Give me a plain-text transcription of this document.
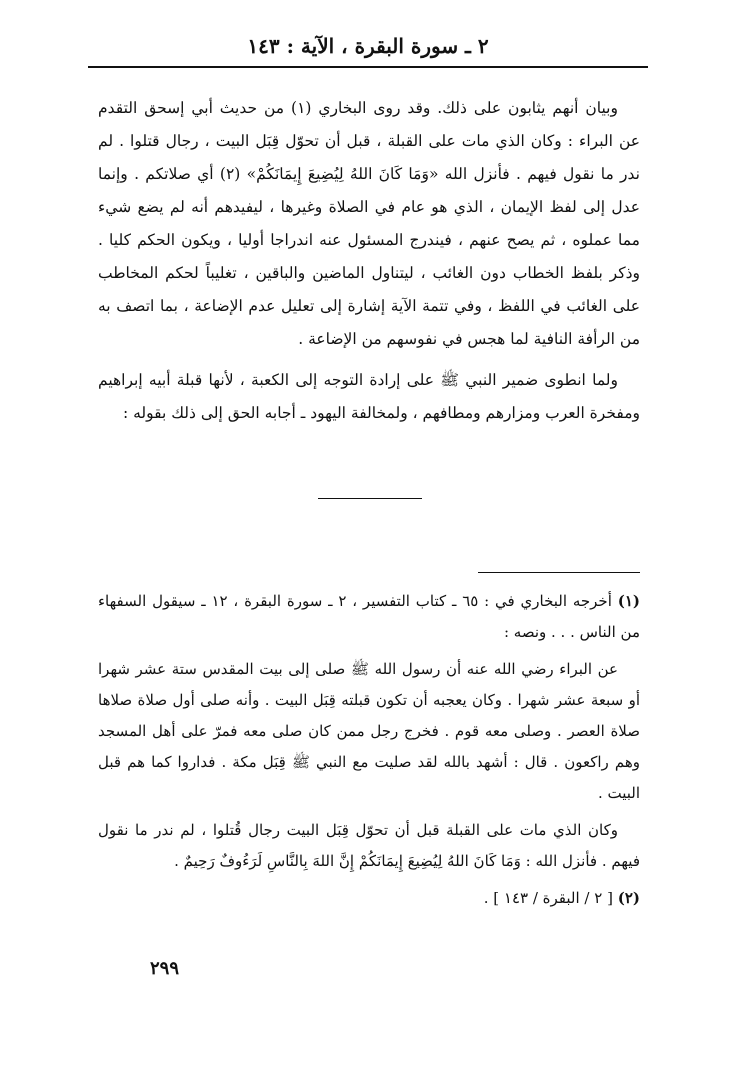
٢ ـ سورة البقرة ، الآية : ١٤٣

وبيان أنهم يثابون على ذلك. وقد روى البخاري (١) من حديث أبي إسحق التقدم عن البراء : وكان الذي مات على القبلة ، قبل أن تحوّل قِبَل البيت ، رجال قتلوا . لم ندر ما نقول فيهم . فأنزل الله «وَمَا كَانَ اللهُ لِيُضِيعَ إِيمَانَكُمْ» (٢) أي صلاتكم . وإنما عدل إلى لفظ الإيمان ، الذي هو عام في الصلاة وغيرها ، ليفيدهم أنه لم يضع شيء مما عملوه ، ثم يصح عنهم ، فيندرج المسئول عنه اندراجا أوليا ، ويكون الحكم كليا . وذكر بلفظ الخطاب دون الغائب ، ليتناول الماضين والباقين ، تغليباً لحكم المخاطب على الغائب في اللفظ ، وفي تتمة الآية إشارة إلى تعليل عدم الإضاعة ، بما اتصف به من الرأفة النافية لما هجس في نفوسهم من الإضاعة .

ولما انطوى ضمير النبي ﷺ على إرادة التوجه إلى الكعبة ، لأنها قبلة أبيه إبراهيم ومفخرة العرب ومزارهم ومطافهم ، ولمخالفة اليهود ـ أجابه الحق إلى ذلك بقوله :

(١) أخرجه البخاري في : ٦٥ ـ كتاب التفسير ، ٢ ـ سورة البقرة ، ١٢ ـ سيقول السفهاء من الناس . . . ونصه :

عن البراء رضي الله عنه أن رسول الله ﷺ صلى إلى بيت المقدس ستة عشر شهرا أو سبعة عشر شهرا . وكان يعجبه أن تكون قبلته قِبَل البيت . وأنه صلى أول صلاة صلاها صلاة العصر . وصلى معه قوم . فخرج رجل ممن كان صلى معه فمرّ على أهل المسجد وهم راكعون . قال : أشهد بالله لقد صليت مع النبي ﷺ قِبَل مكة . فداروا كما هم قبل البيت .

وكان الذي مات على القبلة قبل أن تحوّل قِبَل البيت رجال قُتلوا ، لم ندر ما نقول فيهم . فأنزل الله : وَمَا كَانَ اللهُ لِيُضِيعَ إِيمَانَكُمْ إِنَّ اللهَ بِالنَّاسِ لَرَءُوفٌ رَحِيمٌ .

(٢) [ ٢ / البقرة / ١٤٣ ] .

٢٩٩
